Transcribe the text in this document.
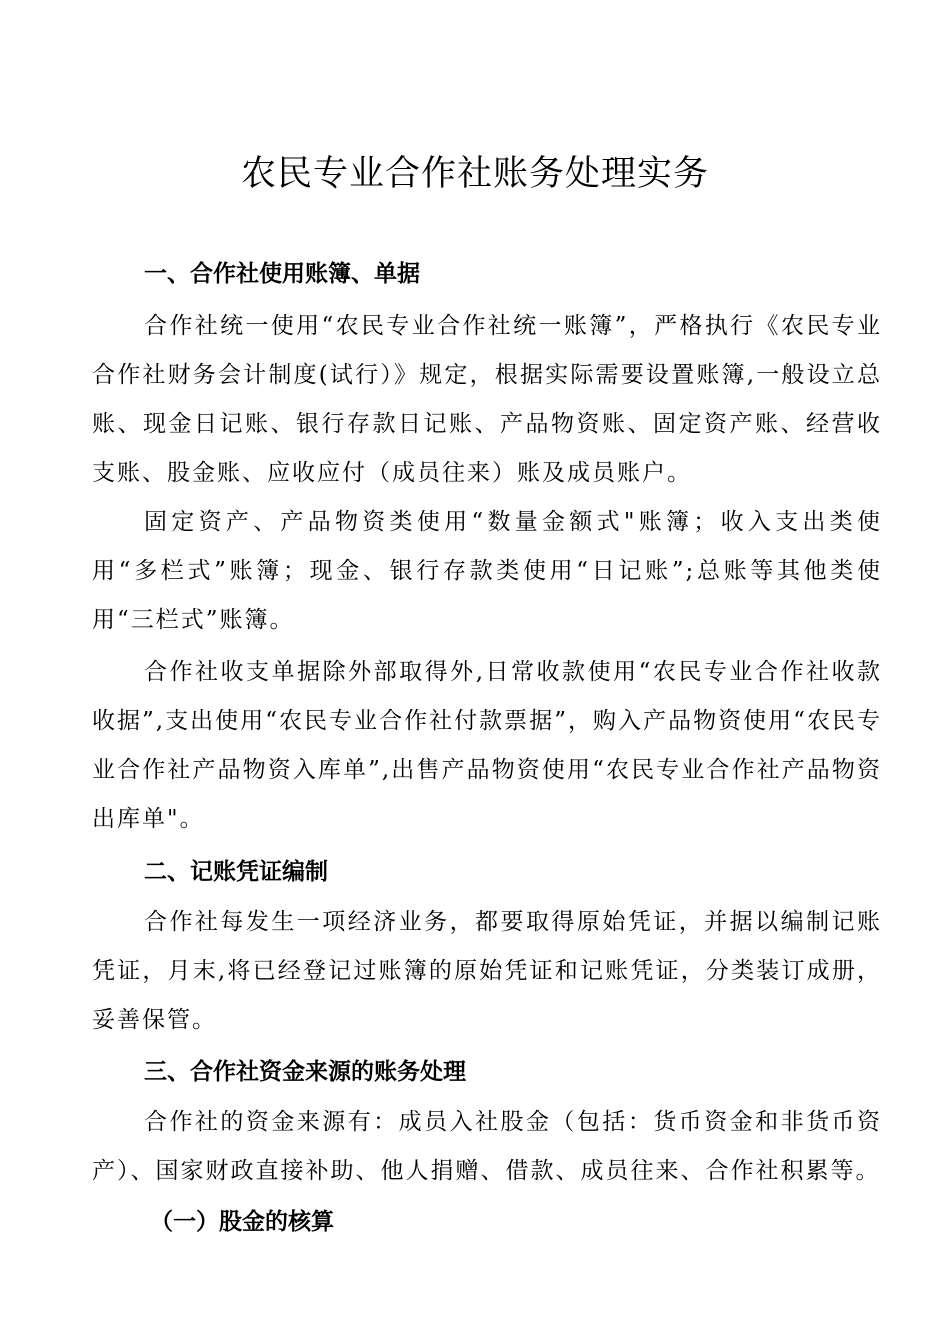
农民专业合作社账务处理实务
一、合作社使用账簿、单据
合作社统一使用“农民专业合作社统一账簿”，严格执行《农民专业合作社财务会计制度(试行）》规定，根据实际需要设置账簿,一般设立总账、现金日记账、银行存款日记账、产品物资账、固定资产账、经营收支账、股金账、应收应付（成员往来）账及成员账户。
固定资产、产品物资类使用“数量金额式"账簿；收入支出类使用“多栏式”账簿；现金、银行存款类使用“日记账”;总账等其他类使用“三栏式”账簿。
合作社收支单据除外部取得外,日常收款使用“农民专业合作社收款收据”,支出使用“农民专业合作社付款票据”，购入产品物资使用“农民专业合作社产品物资入库单”,出售产品物资使用“农民专业合作社产品物资出库单"。
二、记账凭证编制
合作社每发生一项经济业务，都要取得原始凭证，并据以编制记账凭证，月末,将已经登记过账簿的原始凭证和记账凭证，分类装订成册，妥善保管。
三、合作社资金来源的账务处理
合作社的资金来源有：成员入社股金（包括：货币资金和非货币资产）、国家财政直接补助、他人捐赠、借款、成员往来、合作社积累等。
（一）股金的核算
